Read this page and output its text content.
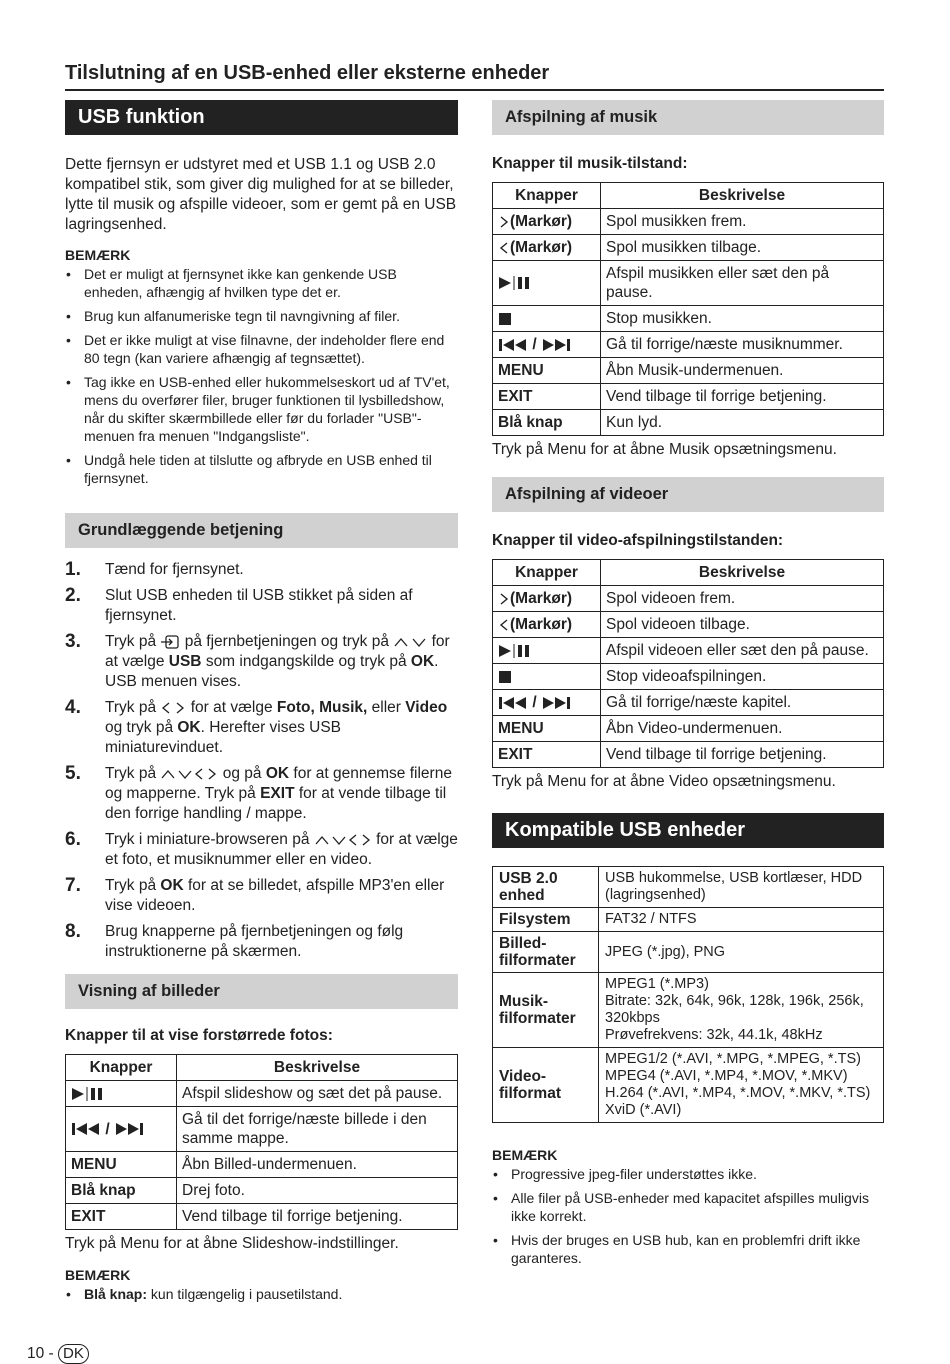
Tilslutning af en USB-enhed eller eksterne enheder
USB funktion

Dette fjernsyn er udstyret med et USB 1.1 og USB 2.0 kompatibel stik, som giver dig mulighed for at se billeder, lytte til musik og afspille videoer, som er gemt på en USB lagringsenhed.

BEMÆRK
• Det er muligt at fjernsynet ikke kan genkende USB enheden, afhængig af hvilken type det er.
• Brug kun alfanumeriske tegn til navngivning af filer.
• Det er ikke muligt at vise filnavne, der indeholder flere end 80 tegn (kan variere afhængig af tegnsættet).
• Tag ikke en USB-enhed eller hukommelseskort ud af TV'et, mens du overfører filer, bruger funktionen til lysbilledshow, når du skifter skærmbillede eller før du forlader "USB"-menuen fra menuen "Indgangsliste".
• Undgå hele tiden at tilslutte og afbryde en USB enhed til fjernsynet.
Grundlæggende betjening
1.	Tænd for fjernsynet.
2.	Slut USB enheden til USB stikket på siden af fjernsynet.
3.	Tryk på på fjernbetjeningen og tryk på	for at vælge USB som indgangskilde og tryk på OK. USB menuen vises.
4.	Tryk på for at vælge Foto, Musik, eller Video og tryk på OK. Herefter vises USB miniaturevinduet.
5.	Tryk på	og på OK for at gennemse filerne og mapperne. Tryk på EXIT for at vende tilbage til den forrige handling / mappe.
6.	Tryk i miniature-browseren på	for at vælge et foto, et musiknummer eller en video.
7.	Tryk på OK for at se billedet, afspille MP3'en eller vise videoen.
8.	Brug knapperne på fjernbetjeningen og følg instruktionerne på skærmen.
Visning af billeder
Knapper til at vise forstørrede fotos:
Knapper	Beskrivelse
	Afspil slideshow og sæt det på pause.
/	Gå til det forrige/næste billede i den samme mappe.
MENU	Åbn Billed-undermenuen.
Blå knap	Drej foto.
EXIT	Vend tilbage til forrige betjening.
Tryk på Menu for at åbne Slideshow-indstillinger.
BEMÆRK
• Blå knap: kun tilgængelig i pausetilstand.
Afspilning af musik
Knapper til musik-tilstand:
Knapper	Beskrivelse
(Markør)	Spol musikken frem.
(Markør)	Spol musikken tilbage.
	Afspil musikken eller sæt den på pause.
	Stop musikken.
/	Gå til forrige/næste musiknummer.
MENU	Åbn Musik-undermenuen.
EXIT	Vend tilbage til forrige betjening.
Blå knap	Kun lyd.
Tryk på Menu for at åbne Musik opsætningsmenu.
Afspilning af videoer
Knapper til video-afspilningstilstanden:
Knapper	Beskrivelse
(Markør)	Spol videoen frem.
(Markør)	Spol videoen tilbage.
	Afspil videoen eller sæt den på pause.
	Stop videoafspilningen.
/	Gå til forrige/næste kapitel.
MENU	Åbn Video-undermenuen.
EXIT	Vend tilbage til forrige betjening.
Tryk på Menu for at åbne Video opsætningsmenu.
Kompatible USB enheder
USB 2.0 enhed	USB hukommelse, USB kortlæser, HDD (lagringsenhed)

Filsystem	FAT32 / NTFS

Billed-filformater	JPEG (*.jpg), PNG

Musik-filformater	MPEG1 (*.MP3)
Bitrate: 32k, 64k, 96k, 128k, 196k, 256k, 320kbps
Prøvefrekvens: 32k, 44.1k, 48kHz

Video-filformat	MPEG1/2 (*.AVI, *.MPG, *.MPEG, *.TS)
MPEG4 (*.AVI, *.MP4, *.MOV, *.MKV)
H.264 (*.AVI, *.MP4, *.MOV, *.MKV, *.TS)
XviD (*.AVI)
BEMÆRK
• Progressive jpeg-filer understøttes ikke.
• Alle filer på USB-enheder med kapacitet afspilles muligvis ikke korrekt.
• Hvis der bruges en USB hub, kan en problemfri drift ikke garanteres.
10 - DK
